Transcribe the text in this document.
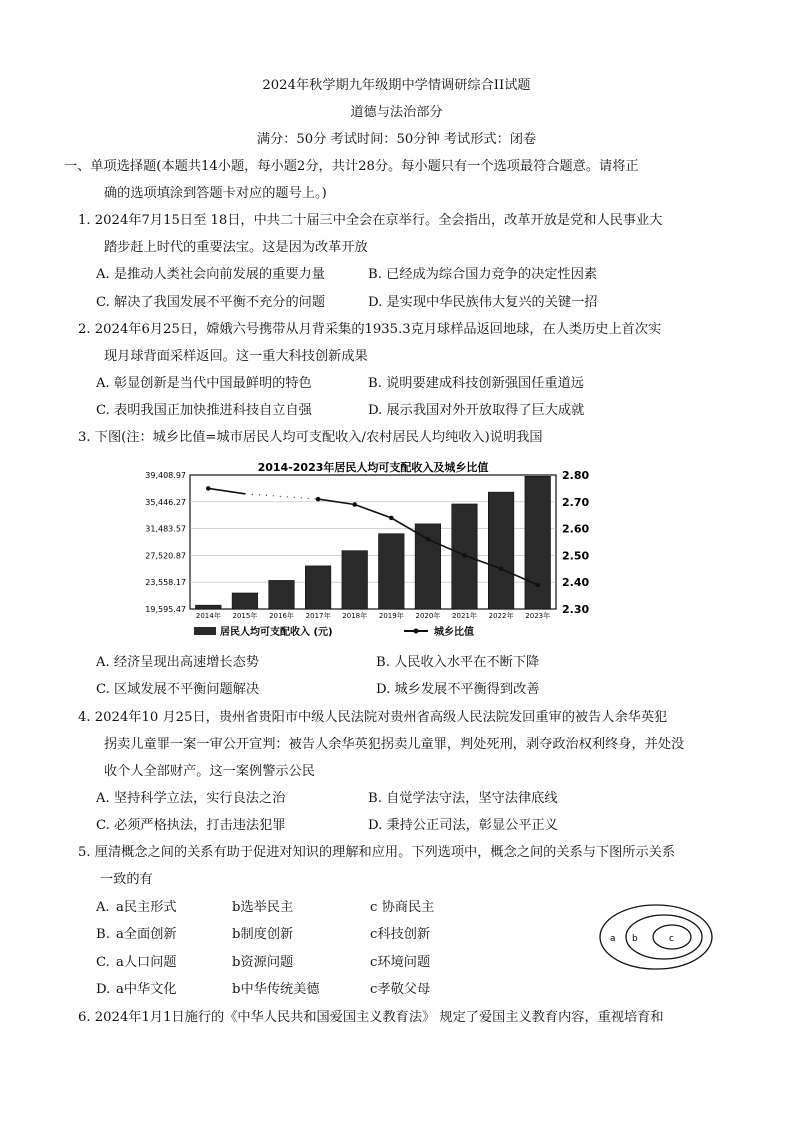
2024年秋学期九年级期中学情调研综合II试题
道德与法治部分
满分：50分 考试时间：50分钟 考试形式：闭卷
一、单项选择题(本题共14小题，每小题2分，共计28分。每小题只有一个选项最符合题意。请将正
确的选项填涂到答题卡对应的题号上。)
1. 2024年7月15日至 18日，中共二十届三中全会在京举行。全会指出，改革开放是党和人民事业大
踏步赶上时代的重要法宝。这是因为改革开放
A. 是推动人类社会向前发展的重要力量	B. 已经成为综合国力竞争的决定性因素
C. 解决了我国发展不平衡不充分的问题	D. 是实现中华民族伟大复兴的关键一招
2. 2024年6月25日，嫦娥六号携带从月背采集的1935.3克月球样品返回地球，在人类历史上首次实
现月球背面采样返回。这一重大科技创新成果
A. 彰显创新是当代中国最鲜明的特色	B. 说明要建成科技创新强国任重道远
C. 表明我国正加快推进科技自立自强	D. 展示我国对外开放取得了巨大成就
3. 下图(注：城乡比值=城市居民人均可支配收入/农村居民人均纯收入)说明我国
2014-2023年居民人均可支配收入及城乡比值
39,408.97
35,446.27
31,483.57
27,520.87
23,558.17
19,595.47
2.80
2.70
2.60
2.50
2.40
2.30
2014年 2015年 2016年 2017年 2018年 2019年 2020年 2021年 2022年 2023年
居民人均可支配收入 (元)	城乡比值
A. 经济呈现出高速增长态势	B. 人民收入水平在不断下降
C. 区域发展不平衡问题解决	D. 城乡发展不平衡得到改善
4. 2024年10 月25日，贵州省贵阳市中级人民法院对贵州省高级人民法院发回重审的被告人余华英犯
拐卖儿童罪一案一审公开宣判：被告人余华英犯拐卖儿童罪，判处死刑，剥夺政治权利终身，并处没
收个人全部财产。这一案例警示公民
A. 坚持科学立法，实行良法之治	B. 自觉学法守法，坚守法律底线
C. 必须严格执法，打击违法犯罪	D. 秉持公正司法，彰显公平正义
5. 厘清概念之间的关系有助于促进对知识的理解和应用。下列选项中，概念之间的关系与下图所示关系
一致的有
A. a民主形式	b选举民主	c 协商民主
B. a全面创新	b制度创新	c科技创新
C. a人口问题	b资源问题	c环境问题
D. a中华文化	b中华传统美德	c孝敬父母
a b	c
6. 2024年1月1日施行的《中华人民共和国爱国主义教育法》 规定了爱国主义教育内容，重视培育和
